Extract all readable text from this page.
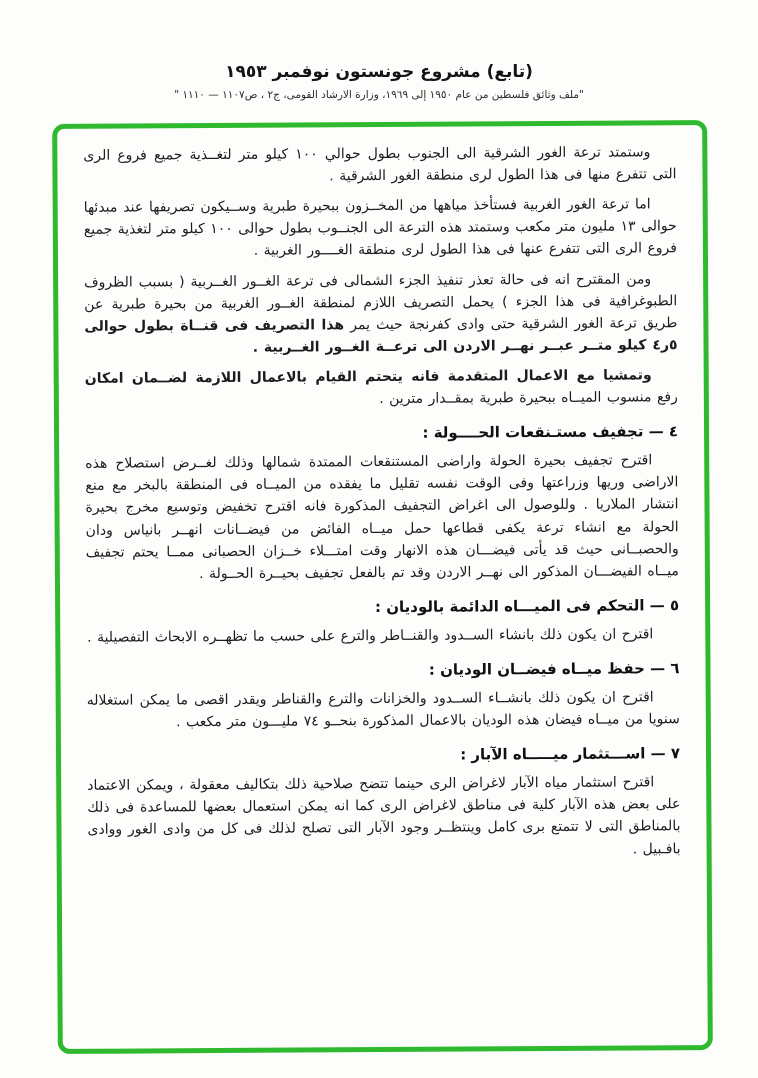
(تابع) مشروع جونستون نوفمبر ١٩٥٣
"ملف وثائق فلسطين من عام ١٩٥٠ إلى ١٩٦٩، وزارة الارشاد القومى، ج٢ ، ص١١٠٧ — ١١١٠ "

وستمتد ترعة الغور الشرقية الى الجنوب بطول حوالي ١٠٠ كيلو متر لتغــذية جميع فروع الرى التى تتفرع منها فى هذا الطول لرى منطقة الغور الشرقية .

اما ترعة الغور الغربية فستأخذ مياهها من المخــزون ببحيرة طبرية وســيكون تصريفها عند مبدئها حوالى ١٣ مليون متر مكعب وستمتد هذه الترعة الى الجنــوب بطول حوالى ١٠٠ كيلو متر لتغذية جميع فروع الرى التى تتفرع عنها فى هذا الطول لرى منطقة الغــــور الغربية .

ومن المقترح انه فى حالة تعذر تنفيذ الجزء الشمالى فى ترعة الغــور الغــربية ( بسبب الظروف الطبوغرافية فى هذا الجزء ) يحمل التصريف اللازم لمنطقة الغــور الغربية من بحيرة طبرية عن طريق ترعة الغور الشرقية حتى وادى كفرنجة حيث يمر هذا التصريف فى قنــاة بطول حوالى ٥ر٤ كيلو متــر عبــر نهــر الاردن الى ترعــة الغــور الغــربية .

وتمشيا مع الاعمال المتقدمة فانه يتحتم القيام بالاعمال اللازمة لضــمان امكان رفع منسوب الميــاه ببحيرة طبرية بمقــدار مترين .

٤ — تجفيف مستـنقعات الحــــولة :

اقترح تجفيف بحيرة الحولة واراضى المستنقعات الممتدة شمالها وذلك لغــرض استصلاح هذه الاراضى وريها وزراعتها وفى الوقت نفسه تقليل ما يفقده من الميــاه فى المنطقة بالبخر مع منع انتشار الملاريا . وللوصول الى اغراض التجفيف المذكورة فانه اقترح تخفيض وتوسيع مخرج بحيرة الحولة مع انشاء ترعة يكفى قطاعها حمل ميــاه الفائض من فيضــانات انهــر بانياس ودان والحصبــانى حيث قد يأتى فيضـــان هذه الانهار وقت امتـــلاء خــزان الحصبانى ممــا يحتم تجفيف ميــاه الفيضـــان المذكور الى نهــر الاردن وقد تم بالفعل تجفيف بحيــرة الحــولة .

٥ — التحكم فى الميـــاه الدائمة بالوديان :

اقترح ان يكون ذلك بانشاء الســدود والقنــاطر والترع على حسب ما تظهــره الابحاث التفصيلية .

٦ — حفظ ميــاه فيضــان الوديان :

اقترح ان يكون ذلك بانشــاء الســدود والخزانات والترع والقناطر ويقدر اقصى ما يمكن استغلاله سنويا من ميــاه فيضان هذه الوديان بالاعمال المذكورة بنحــو ٧٤ مليـــون متر مكعب .

٧ — اســـتثمار ميـــــاه الآبار :

اقترح استثمار مياه الآبار لاغراض الرى حينما تتضح صلاحية ذلك بتكاليف معقولة ، ويمكن الاعتماد على بعض هذه الآبار كلية فى مناطق لاغراض الرى كما انه يمكن استعمال بعضها للمساعدة فى ذلك بالمناطق التى لا تتمتع برى كامل وينتظــر وجود الآبار التى تصلح لذلك فى كل من وادى الغور ووادى بافـبيل .
